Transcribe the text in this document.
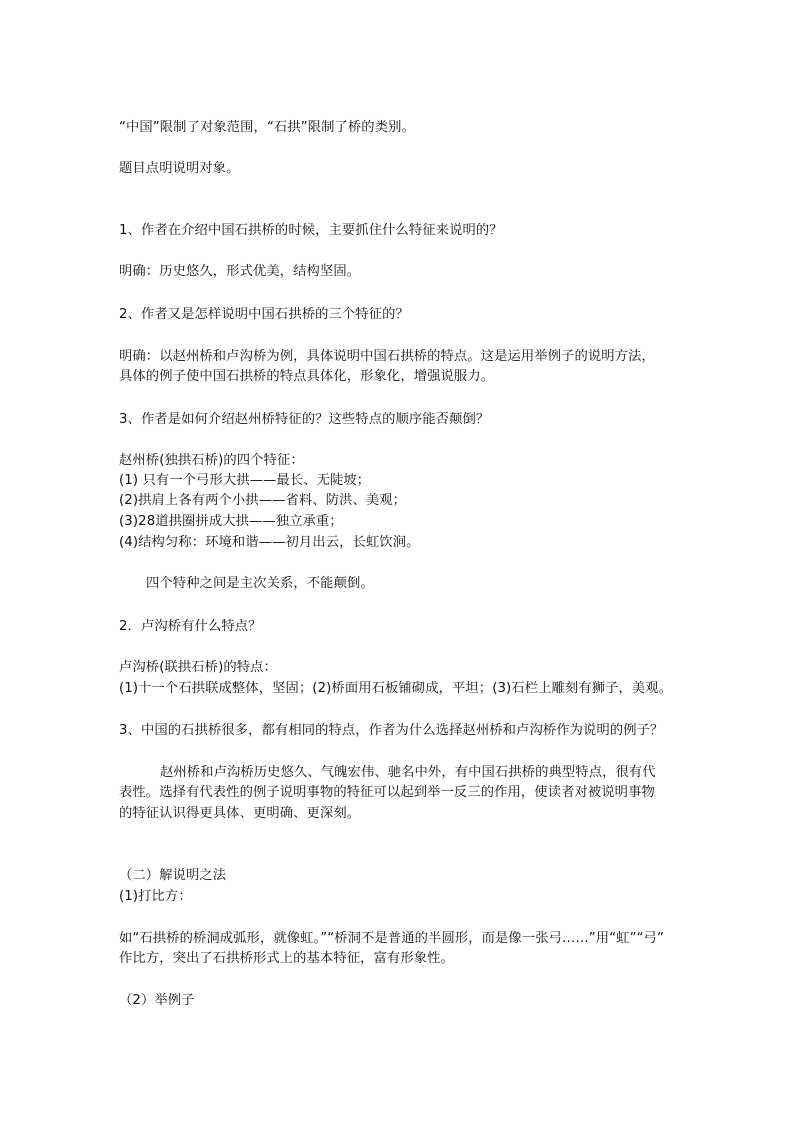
“中国”限制了对象范围，“石拱”限制了桥的类别。
题目点明说明对象。
1、作者在介绍中国石拱桥的时候，主要抓住什么特征来说明的？
明确：历史悠久，形式优美，结构坚固。
2、作者又是怎样说明中国石拱桥的三个特征的？
明确：以赵州桥和卢沟桥为例，具体说明中国石拱桥的特点。这是运用举例子的说明方法，
具体的例子使中国石拱桥的特点具体化，形象化，增强说服力。
3、作者是如何介绍赵州桥特征的？这些特点的顺序能否颠倒？
赵州桥(独拱石桥)的四个特征：
(1) 只有一个弓形大拱——最长、无陡坡；
(2)拱肩上各有两个小拱——省料、防洪、美观；
(3)28道拱圈拼成大拱——独立承重；
(4)结构匀称：环境和谐——初月出云，长虹饮涧。
四个特种之间是主次关系，不能颠倒。
2．卢沟桥有什么特点？
卢沟桥(联拱石桥)的特点：
(1)十一个石拱联成整体，坚固；(2)桥面用石板铺砌成，平坦；(3)石栏上雕刻有狮子，美观。
3、中国的石拱桥很多，都有相同的特点，作者为什么选择赵州桥和卢沟桥作为说明的例子？
赵州桥和卢沟桥历史悠久、气魄宏伟、驰名中外，有中国石拱桥的典型特点，很有代
表性。选择有代表性的例子说明事物的特征可以起到举一反三的作用，使读者对被说明事物
的特征认识得更具体、更明确、更深刻。
（二）解说明之法
(1)打比方：
如“石拱桥的桥洞成弧形，就像虹。”“桥洞不是普通的半圆形，而是像一张弓……”用“虹”“弓”
作比方，突出了石拱桥形式上的基本特征，富有形象性。
（2）举例子
